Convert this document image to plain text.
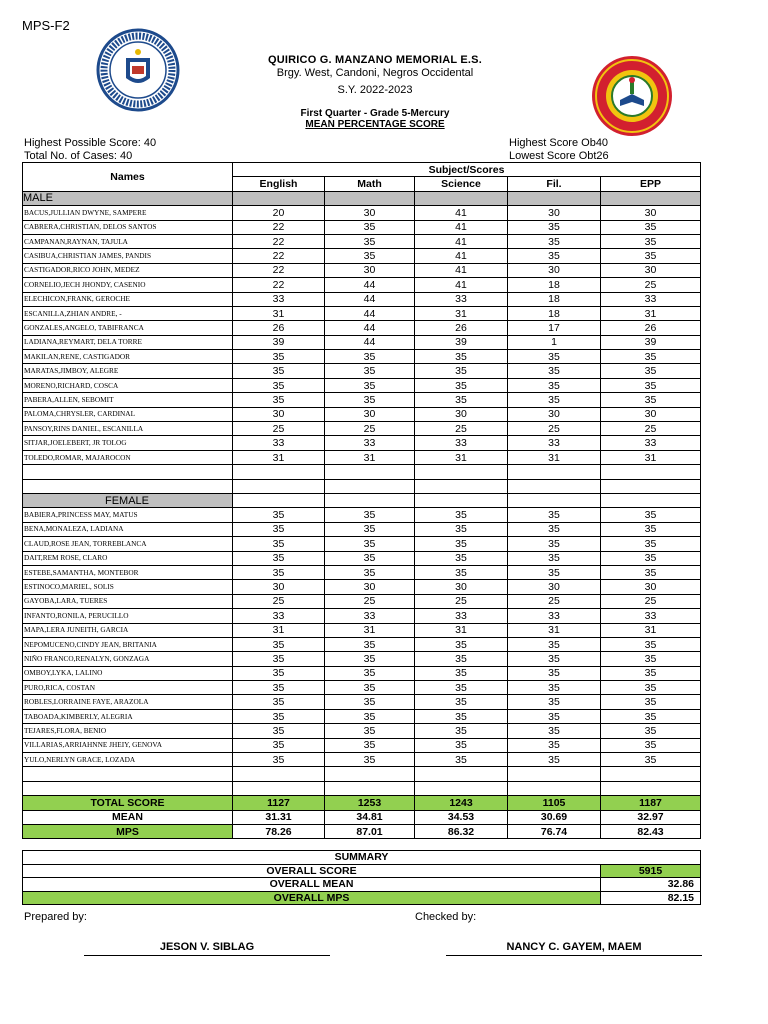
MPS-F2
QUIRICO G. MANZANO MEMORIAL E.S.
Brgy. West, Candoni, Negros Occidental
S.Y. 2022-2023
First Quarter - Grade 5-Mercury
MEAN PERCENTAGE SCORE
Highest Possible Score: 40
Total No. of Cases: 40
Highest Score Ob40
Lowest Score Obt26
Names	Subject/Scores				
	English	Math	Science	Fil.	EPP
MALE					
BACUS,JULLIAN DWYNE, SAMPERE	20	30	41	30	30
CABRERA,CHRISTIAN, DELOS SANTOS	22	35	41	35	35
CAMPANAN,RAYNAN, TAJULA	22	35	41	35	35
CASIBUA,CHRISTIAN JAMES, PANDIS	22	35	41	35	35
CASTIGADOR,RICO JOHN, MEDEZ	22	30	41	30	30
CORNELIO,JECH JHONDY, CASENIO	22	44	41	18	25
ELECHICON,FRANK, GEROCHE	33	44	33	18	33
ESCANILLA,ZHIAN ANDRE, -	31	44	31	18	31
GONZALES,ANGELO, TABIFRANCA	26	44	26	17	26
LADIANA,REYMART, DELA TORRE	39	44	39	1	39
MAKILAN,RENE, CASTIGADOR	35	35	35	35	35
MARATAS,JIMBOY, ALEGRE	35	35	35	35	35
MORENO,RICHARD, COSCA	35	35	35	35	35
PABERA,ALLEN, SEBOMIT	35	35	35	35	35
PALOMA,CHRYSLER, CARDINAL	30	30	30	30	30
PANSOY,RINS DANIEL, ESCANILLA	25	25	25	25	25
SITJAR,JOELEBERT, JR TOLOG	33	33	33	33	33
TOLEDO,ROMAR, MAJAROCON	31	31	31	31	31

FEMALE					
BABIERA,PRINCESS MAY, MATUS	35	35	35	35	35
BENA,MONALEZA, LADIANA	35	35	35	35	35
CLAUD,ROSE JEAN, TORREBLANCA	35	35	35	35	35
DAIT,REM ROSE, CLARO	35	35	35	35	35
ESTEBE,SAMANTHA, MONTEBOR	35	35	35	35	35
ESTINOCO,MARIEL, SOLIS	30	30	30	30	30
GAYOBA,LARA, TUERES	25	25	25	25	25
INFANTO,RONILA, PERUCILLO	33	33	33	33	33
MAPA,LERA JUNEITH, GARCIA	31	31	31	31	31
NEPOMUCENO,CINDY JEAN, BRITANIA	35	35	35	35	35
NIÑO FRANCO,RENALYN, GONZAGA	35	35	35	35	35
OMBOY,LYKA, LALINO	35	35	35	35	35
PURO,RICA, COSTAN	35	35	35	35	35
ROBLES,LORRAINE FAYE, ARAZOLA	35	35	35	35	35
TABOADA,KIMBERLY, ALEGRIA	35	35	35	35	35
TEJARES,FLORA, BENIO	35	35	35	35	35
VILLARIAS,ARRIAHNNE JHEIY, GENOVA	35	35	35	35	35
YULO,NERLYN GRACE, LOZADA	35	35	35	35	35

TOTAL SCORE	1127	1253	1243	1105	1187
MEAN	31.31	34.81	34.53	30.69	32.97
MPS	78.26	87.01	86.32	76.74	82.43
SUMMARY	
OVERALL SCORE	5915
OVERALL MEAN	32.86
OVERALL MPS	82.15
Prepared by:
JESON V. SIBLAG
Checked by:
NANCY C. GAYEM, MAEM
